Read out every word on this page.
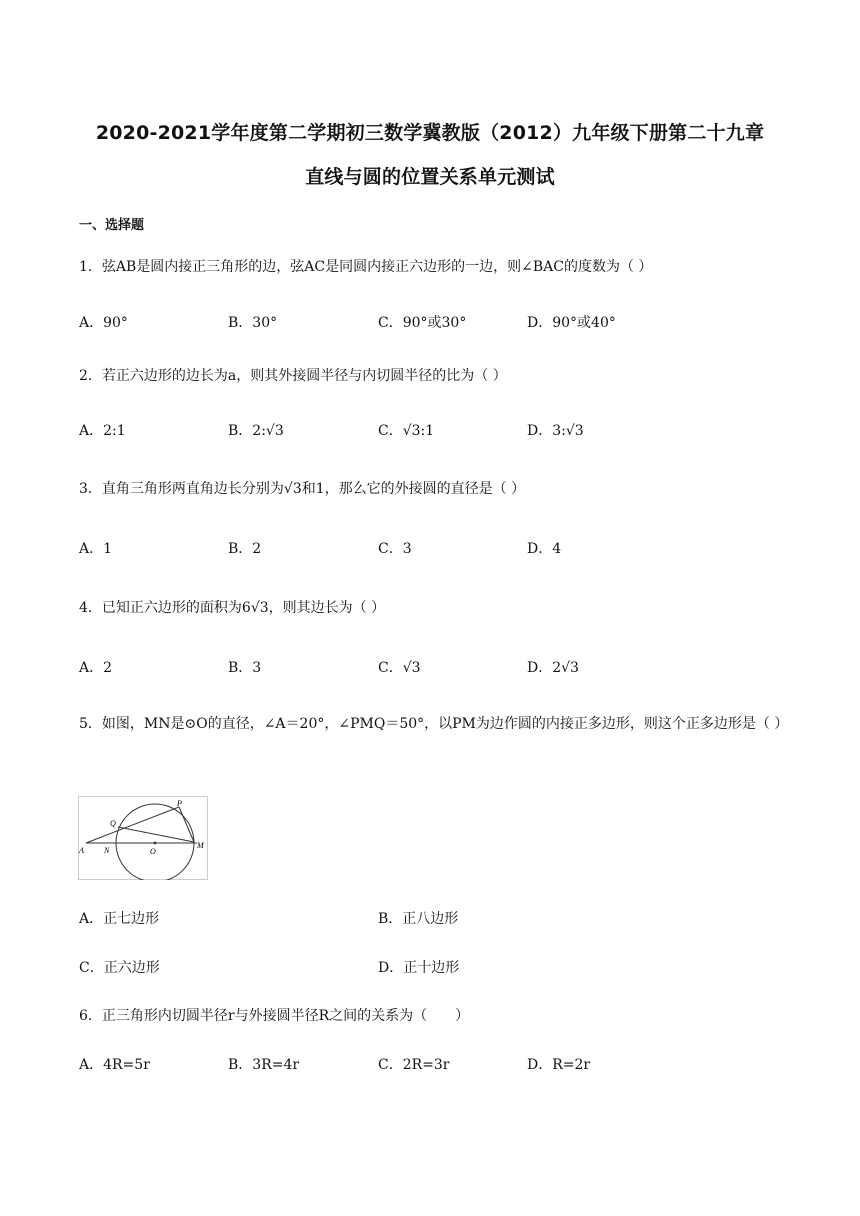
2020-2021学年度第二学期初三数学冀教版（2012）九年级下册第二十九章
直线与圆的位置关系单元测试
一、选择题
1．弦AB是圆内接正三角形的边，弦AC是同圆内接正六边形的一边，则∠BAC的度数为（ ）
A．90°	B．30°	C．90°或30°	D．90°或40°
2．若正六边形的边长为a，则其外接圆半径与内切圆半径的比为（ ）
A．2:1	B．2:√3	C．√3:1	D．3:√3
3．直角三角形两直角边长分别为√3和1，那么它的外接圆的直径是（ ）
A．1	B．2	C．3	D．4
4．已知正六边形的面积为6√3，则其边长为（ ）
A．2	B．3	C．√3	D．2√3
5．如图，MN是⊙O的直径，∠A＝20°，∠PMQ＝50°，以PM为边作圆的内接正多边形，则这个正多边形是（ ）
P
Q
A	N	O
M
A．正七边形	B．正八边形
C．正六边形	D．正十边形
6．正三角形内切圆半径r与外接圆半径R之间的关系为（　　）
A．4R=5r	B．3R=4r	C．2R=3r	D．R=2r
